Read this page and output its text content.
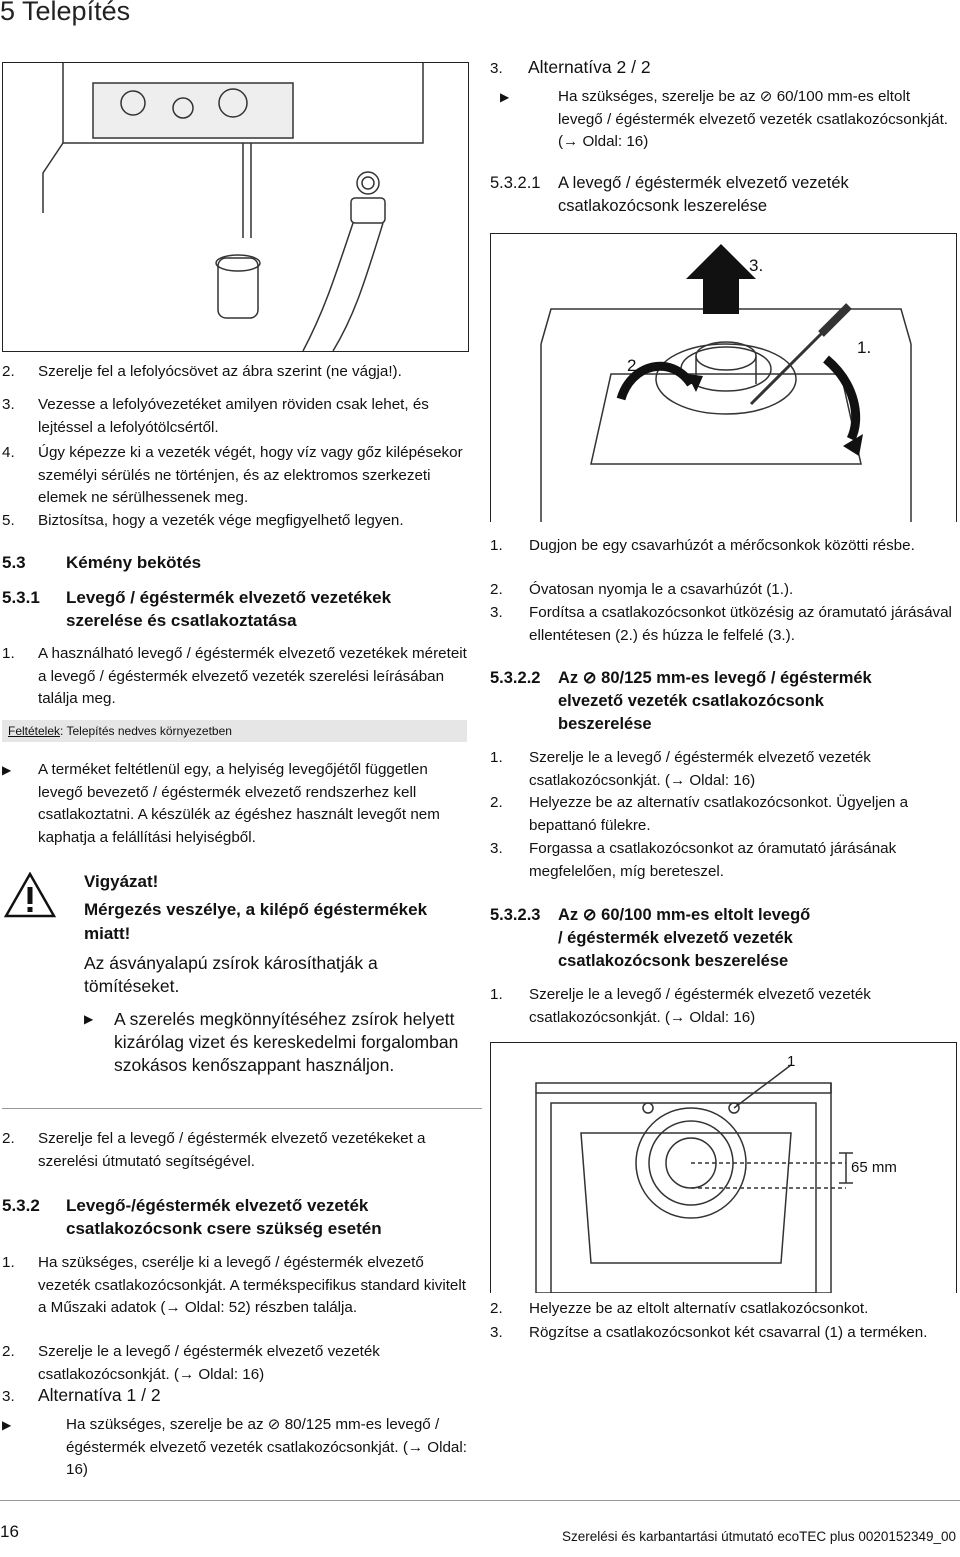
5 Telepítés
2. Szerelje fel a lefolyócsövet az ábra szerint (ne vágja!).
3. Vezesse a lefolyóvezetéket amilyen röviden csak lehet, és lejtéssel a lefolyótölcsértől.
4. Úgy képezze ki a vezeték végét, hogy víz vagy gőz kilépésekor személyi sérülés ne történjen, és az elektromos szerkezeti elemek ne sérülhessenek meg.
5. Biztosítsa, hogy a vezeték vége megfigyelhető legyen.
5.3 Kémény bekötés
5.3.1 Levegő / égéstermék elvezető vezetékek
szerelése és csatlakoztatása
1. A használható levegő / égéstermék elvezető vezetékek méreteit a levegő / égéstermék elvezető vezeték szerelési leírásában találja meg.
Feltételek: Telepítés nedves környezetben
▶ A terméket feltétlenül egy, a helyiség levegőjétől független levegő bevezető / égéstermék elvezető rendszerhez kell csatlakoztatni. A készülék az égéshez használt levegőt nem kaphatja a felállítási helyiségből.
Vigyázat!
Mérgezés veszélye, a kilépő égéstermékek miatt!
Az ásványalapú zsírok károsíthatják a tömítéseket.
▶ A szerelés megkönnyítéséhez zsírok helyett kizárólag vizet és kereskedelmi forgalomban szokásos kenőszappant használjon.
2. Szerelje fel a levegő / égéstermék elvezető vezetékeket a szerelési útmutató segítségével.
5.3.2 Levegő-/égéstermék elvezető vezeték
csatlakozócsonk csere szükség esetén
1. Ha szükséges, cserélje ki a levegő / égéstermék elvezető vezeték csatlakozócsonkját. A termékspecifikus standard kivitelt a Műszaki adatok (→ Oldal: 52) részben találja.
2. Szerelje le a levegő / égéstermék elvezető vezeték csatlakozócsonkját. (→ Oldal: 16)
3. Alternatíva 1 / 2
▶	Ha szükséges, szerelje be az ⊘ 80/125 mm-es levegő / égéstermék elvezető vezeték csatlakozócsonkját. (→ Oldal: 16)
3. Alternatíva 2 / 2
▶	Ha szükséges, szerelje be az ⊘ 60/100 mm-es eltolt levegő / égéstermék elvezető vezeték csatlakozócsonkját. (→ Oldal: 16)
5.3.2.1 A levegő / égéstermék elvezető vezeték
csatlakozócsonk leszerelése
3.
1.
2.
1. Dugjon be egy csavarhúzót a mérőcsonkok közötti résbe.
2. Óvatosan nyomja le a csavarhúzót (1.).
3. Fordítsa a csatlakozócsonkot ütközésig az óramutató járásával ellentétesen (2.) és húzza le felfelé (3.).
5.3.2.2 Az ⊘ 80/125 mm-es levegő / égéstermék
elvezető vezeték csatlakozócsonk
beszerelése
1. Szerelje le a levegő / égéstermék elvezető vezeték csatlakozócsonkját. (→ Oldal: 16)
2. Helyezze be az alternatív csatlakozócsonkot. Ügyeljen a bepattanó fülekre.
3. Forgassa a csatlakozócsonkot az óramutató járásának megfelelően, míg bereteszel.
5.3.2.3 Az ⊘ 60/100 mm-es eltolt levegő
/ égéstermék elvezető vezeték
csatlakozócsonk beszerelése
1. Szerelje le a levegő / égéstermék elvezető vezeték csatlakozócsonkját. (→ Oldal: 16)
1
65 mm
2. Helyezze be az eltolt alternatív csatlakozócsonkot.
3. Rögzítse a csatlakozócsonkot két csavarral (1) a terméken.
16	Szerelési és karbantartási útmutató ecoTEC plus 0020152349_00
